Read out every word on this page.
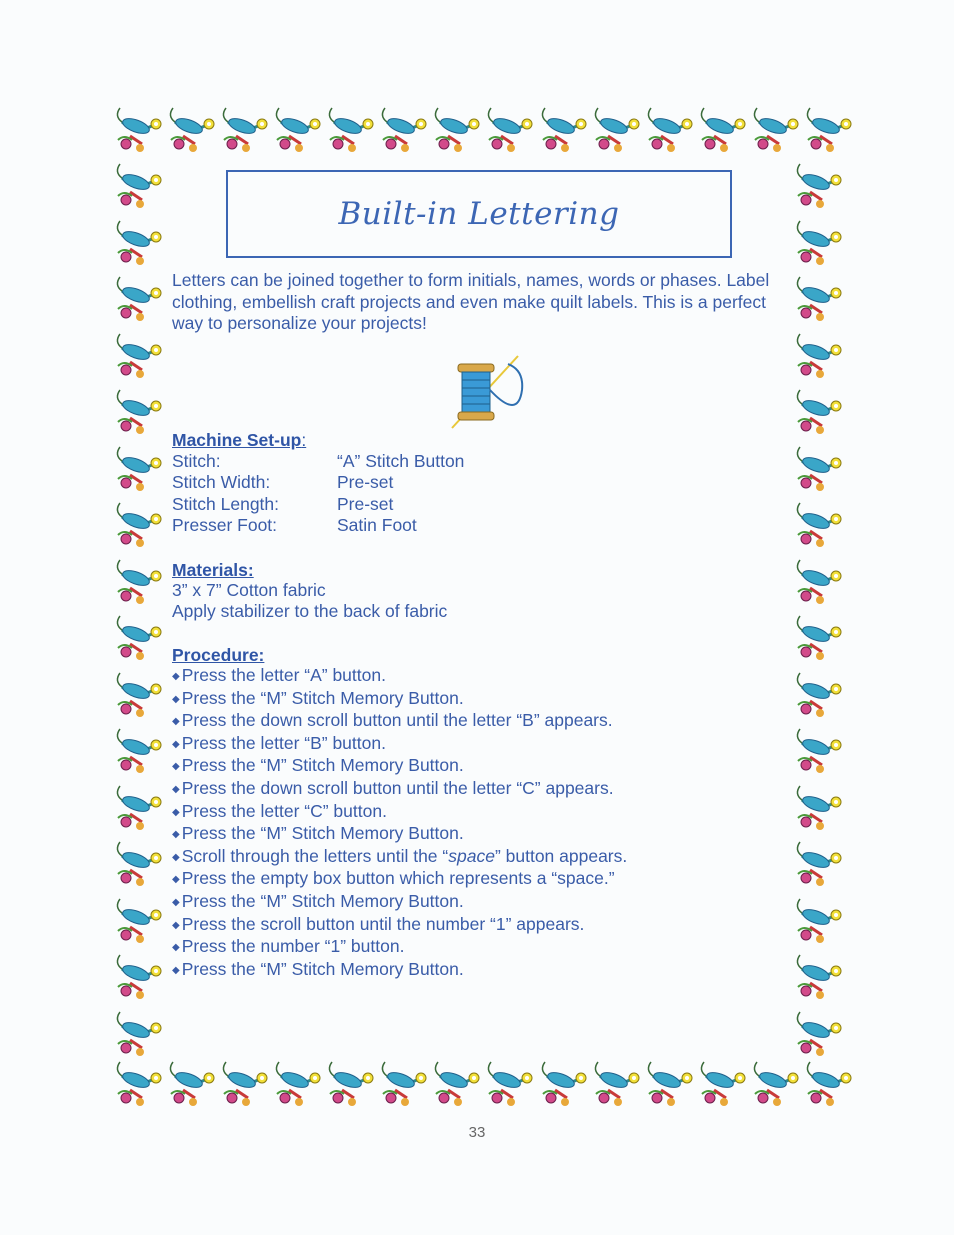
Built-in Lettering
Letters can be joined together to form initials, names, words or phases. Label clothing, embellish craft projects and even make quilt labels. This is a perfect way to personalize your projects!
Machine Set-up:
Stitch:	“A” Stitch Button
Stitch Width:	Pre-set
Stitch Length:	Pre-set
Presser Foot:	Satin Foot
Materials:
3” x 7” Cotton fabric
Apply stabilizer to the back of fabric
Procedure:
◆ Press the letter “A” button.
◆ Press the “M” Stitch Memory Button.
◆ Press the down scroll button until the letter “B” appears.
◆ Press the letter “B” button.
◆ Press the “M” Stitch Memory Button.
◆ Press the down scroll button until the letter “C” appears.
◆ Press the letter “C” button.
◆ Press the “M” Stitch Memory Button.
◆ Scroll through the letters until the “space” button appears.
◆ Press the empty box button which represents a “space.”
◆ Press the “M” Stitch Memory Button.
◆ Press the scroll button until the number “1” appears.
◆ Press the number “1” button.
◆ Press the “M” Stitch Memory Button.
33
